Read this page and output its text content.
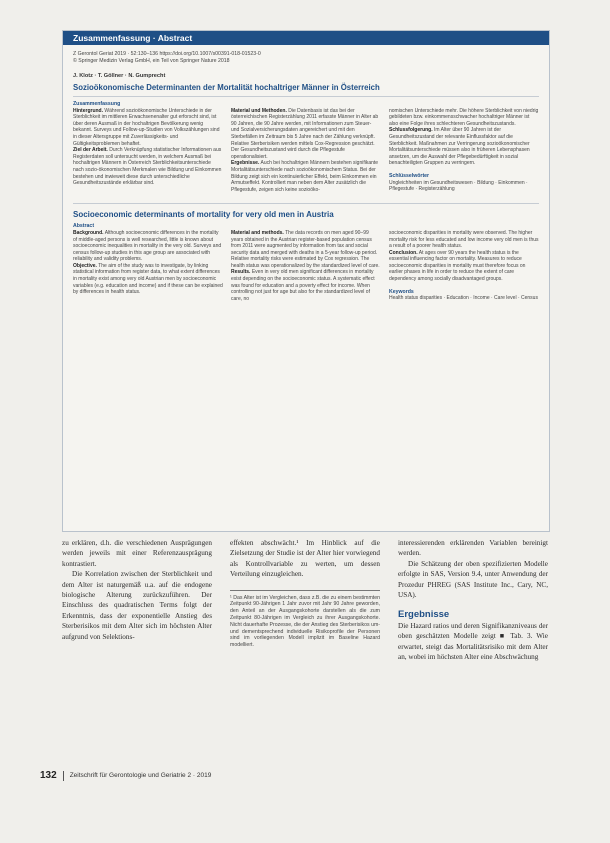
Zusammenfassung · Abstract
Z Gerontol Geriat 2019 · 52:130–136 https://doi.org/10.1007/s00391-018-01523-0
© Springer Medizin Verlag GmbH, ein Teil von Springer Nature 2018
J. Klotz · T. Göllner · N. Gumprecht
Sozioökonomische Determinanten der Mortalität hochaltriger Männer in Österreich
Zusammenfassung
Hintergrund. Während sozioökonomische Unterschiede in der Sterblichkeit im mittleren Erwachsenenalter gut erforscht sind, ist über deren Ausmaß in der hochaltrigen Bevölkerung wenig bekannt. Surveys und Follow-up-Studien von Volkszählungen sind in dieser Altersgruppe mit Zuverlässigkeits- und Gültigkeitsproblemen behaftet.
Ziel der Arbeit. Durch Verknüpfung statistischer Informationen aus Registerdaten soll untersucht werden, in welchem Ausmaß bei hochaltrigen Männern in Österreich Sterblichkeitsunterschiede nach sozio-ökonomischen Merkmalen wie Bildung und Einkommen bestehen und inwieweit diese durch unterschiedliche Gesundheitszustände erklärbar sind.
Material und Methoden. Die Datenbasis ist das bei der österreichischen Registerzählung 2011 erfasste Männer in Alter ab 90 Jahren, die 90 Jahre werden, mit Informationen zum Steuer- und Sozialversicherungsdaten angereichert und mit den Sterbefällen im Zeitraum bis 5 Jahre nach der Zählung verknüpft. Relative Sterberisiken werden mittels Cox-Regression geschätzt. Der Gesundheitszustand wird durch die Pflegestufe operationalisiert.
Ergebnisse. Auch bei hochaltrigen Männern bestehen signifikante Mortalitätsunterschiede nach sozioökonomischem Status. Bei der Bildung zeigt sich ein kontinuierlicher Effekt, beim Einkommen ein Armutseffekt. Kontrolliert man neben dem Alter zusätzlich die Pflegestufe, zeigen sich keine sozioöko-
nomischen Unterschiede mehr. Die höhere Sterblichkeit von niedrig gebildeten bzw. einkommensschwacher hochaltriger Männer ist also eine Folge ihres schlechteren Gesundheitszustands.
Schlussfolgerung. Im Alter über 90 Jahren ist der Gesundheitszustand der relevante Einflussfaktor auf die Sterblichkeit. Maßnahmen zur Verringerung sozioökonomischer Mortalitätsunterschiede müssen also in früheren Lebensphasen ansetzen, um die Auswahl der Pflegebedürftigkeit in sozial benachteiligten Gruppen zu verringern.
Schlüsselwörter
Ungleichheiten im Gesundheitswesen · Bildung · Einkommen · Pflegestufe · Registerzählung
Socioeconomic determinants of mortality for very old men in Austria
Abstract
Background. Although socioeconomic differences in the mortality of middle-aged persons is well researched, little is known about socioeconomic inequalities in mortality in the very old. Surveys and census follow-up studies in this age group are associated with reliability and validity problems.
Objective. The aim of the study was to investigate, by linking statistical information from register data, to what extent differences in mortality exist among very old Austrian men by socioeconomic variables (e.g. education and income) and if these can be explained by differences in health status.
Material and methods. The data records on men aged 90–99 years obtained in the Austrian register-based population census from 2011 were augmented by information from tax and social security data and merged with deaths in a 5-year follow-up period. Relative mortality risks were estimated by Cox regression. The health status was operationalized by the standardized level of care.
Results. Even in very old men significant differences in mortality exist depending on the socioeconomic status. A systematic effect was found for education and a poverty effect for income. When controlling not just for age but also for the standardized level of care, no
socioeconomic disparities in mortality were observed. The higher mortality risk for less educated and low income very old men is thus a result of a poorer health status.
Conclusion. At ages over 90 years the health status is the essential influencing factor on mortality. Measures to reduce socioeconomic disparities in mortality must therefore focus on earlier phases in life in order to reduce the extent of care dependency among socially disadvantaged groups.
Keywords
Health status disparities · Education · Income · Care level · Census

zu erklären, d.h. die verschiedenen Ausprägungen werden jeweils mit einer Referenzausprägung kontrastiert.

Die Korrelation zwischen der Sterblichkeit und dem Alter ist naturgemäß u.a. auf die endogene biologische Alterung zurückzuführen. Der Einschluss des quadratischen Terms folgt der Erkenntnis, dass der exponentielle Anstieg des Sterberisikos mit dem Alter sich im höchsten Alter aufgrund von Selektions-

effekten abschwächt.¹ Im Hinblick auf die Zielsetzung der Studie ist der Alter hier vorwiegend als Kontrollvariable zu werten, um dessen Verteilung einzugleichen.

¹ Das Alter ist im Vergleichen, dass z.B. die zu einem bestimmten Zeitpunkt 90-Jährigen 1 Jahr zuvor mit Jahr 90 Jahre geworden, den Anteil an der Ausgangskohorte darstellen als die zum Zeitpunkt 80-Jährigen im Vergleich zu ihrer Ausgangskohorte. Nicht dauerhafte Prozesse, die der Anstieg des Sterberisikos um- und dementsprechend individuelle Risikoprofile der Personen sind im vorliegenden Modell implizit im Baseline Hazard modelliert.

interessierenden erklärenden Variablen bereinigt werden.

Die Schätzung der oben spezifizierten Modelle erfolgte in SAS, Version 9.4, unter Anwendung der Prozedur PHREG (SAS Institute Inc., Cary, NC, USA).

Ergebnisse

Die Hazard ratios und deren Signifikanzniveaus der oben geschätzten Modelle zeigt ■ Tab. 3. Wie erwartet, steigt das Mortalitätsrisiko mit dem Alter an, wobei im höchsten Alter eine Abschwächung

132 Zeitschrift für Gerontologie und Geriatrie 2 · 2019
